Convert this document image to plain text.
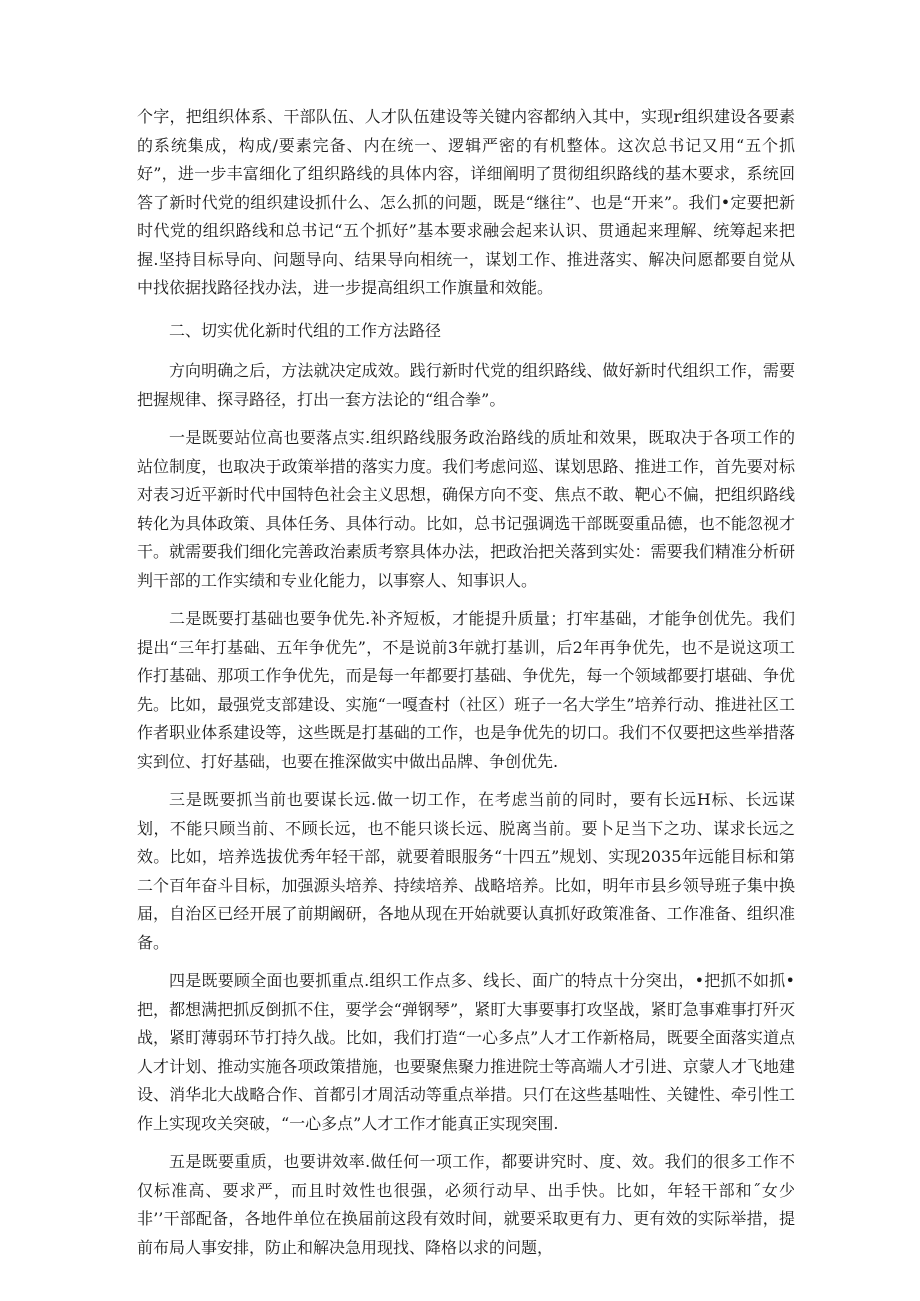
个字，把组织体系、干部队伍、人才队伍建设等关键内容都纳入其中，实现r组织建设各要素的系统集成，构成/要素完备、内在统一、逻辑严密的有机整体。这次总书记又用“五个抓好”，进一步丰富细化了组织路线的具体内容，详细阐明了贯彻组织路线的基木要求，系统回答了新时代党的组织建设抓什么、怎么抓的问题，既是“继往”、也是“开来”。我们•定要把新时代党的组织路线和总书记“五个抓好”基本要求融会起来认识、贯通起来理解、统筹起来把握.坚持目标导向、问题导向、结果导向相统一，谋划工作、推进落实、解决问愿都要自觉从中找依据找路径找办法，进一步提高组织工作旗量和效能。

二、切实优化新时代组的工作方法路径

方向明确之后，方法就决定成效。践行新时代党的组织路线、做好新时代组织工作，需要把握规律、探寻路径，打出一套方法论的“组合拳”。

一是既要站位高也要落点实.组织路线服务政治路线的质址和效果，既取决于各项工作的站位制度，也取决于政策举措的落实力度。我们考虑问巡、谋划思路、推进工作，首先要对标对表习近平新时代中国特色社会主义思想，确保方向不变、焦点不敢、靶心不偏，把组织路线转化为具体政策、具体任务、具体行动。比如，总书记强调选干部既耍重品德，也不能忽视才干。就需要我们细化完善政治素质考察具体办法，把政治把关落到实处：需要我们精准分析研判干部的工作实绩和专业化能力，以事察人、知事识人。

二是既要打基础也要争优先.补齐短板，才能提升质量；打牢基础，才能争创优先。我们提出“三年打基础、五年争优先”，不是说前3年就打基训，后2年再争优先，也不是说这项工作打基础、那项工作争优先，而是每一年都要打基础、争优先，每一个领域都要打堪础、争优先。比如，最强党支部建设、实施“一嘎查村（社区）班子一名大学生”培养行动、推进社区工作者职业体系建设等，这些既是打基础的工作，也是争优先的切口。我们不仅要把这些举措落实到位、打好基础，也要在推深做实中做出品牌、争创优先.

三是既要抓当前也要谋长远.做一切工作，在考虑当前的同时，要有长远H标、长远谋划，不能只顾当前、不顾长远，也不能只谈长远、脱离当前。要卜足当下之功、谋求长远之效。比如，培养选拔优秀年轻干部，就要着眼服务“十四五”规划、实现2035年远能目标和第二个百年奋斗目标，加强源头培养、持续培养、战略培养。比如，明年市县乡领导班子集中换届，自治区已经开展了前期阚研，各地从现在开始就要认真抓好政策准备、工作准备、组织准备。

四是既要顾全面也要抓重点.组织工作点多、线长、面广的特点十分突出，•把抓不如抓•把，都想满把抓反倒抓不住，要学会“弹钢琴”，紧盯大事要事打攻坚战，紧盯急事难事打歼灭战，紧盯薄弱环节打持久战。比如，我们打造“一心多点”人才工作新格局，既要全面落实道点人才计划、推动实施各项政策措施，也要聚焦聚力推进院士等高端人才引进、京蒙人才飞地建设、消华北大战略合作、首都引才周活动等重点举措。只仃在这些基咄性、关键性、牵引性工作上实现攻关突破，“一心多点”人才工作才能真正实现突围.

五是既要重质，也要讲效率.做任何一项工作，都要讲究时、度、效。我们的很多工作不仅标准高、要求严，而且时效性也很强，必须行动早、出手快。比如，年轻干部和˝女少非’’干部配备，各地件单位在换届前这段有效时间，就要采取更有力、更有效的实际举措，提前布局人事安排，防止和解决急用现找、降格以求的问题，
